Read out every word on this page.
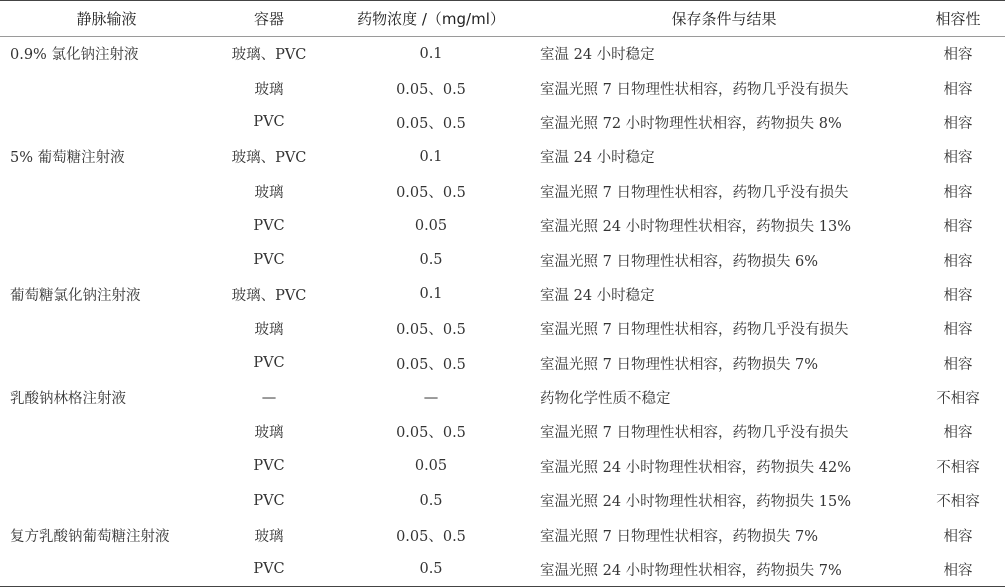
静脉输液	容器	药物浓度 /（mg/ml）	保存条件与结果	相容性
0.9% 氯化钠注射液	玻璃、PVC	0.1	室温 24 小时稳定	相容
	玻璃	0.05、0.5	室温光照 7 日物理性状相容，药物几乎没有损失	相容
	PVC	0.05、0.5	室温光照 72 小时物理性状相容，药物损失 8%	相容
5% 葡萄糖注射液	玻璃、PVC	0.1	室温 24 小时稳定	相容
	玻璃	0.05、0.5	室温光照 7 日物理性状相容，药物几乎没有损失	相容
	PVC	0.05	室温光照 24 小时物理性状相容，药物损失 13%	相容
	PVC	0.5	室温光照 7 日物理性状相容，药物损失 6%	相容
葡萄糖氯化钠注射液	玻璃、PVC	0.1	室温 24 小时稳定	相容
	玻璃	0.05、0.5	室温光照 7 日物理性状相容，药物几乎没有损失	相容
	PVC	0.05、0.5	室温光照 7 日物理性状相容，药物损失 7%	相容
乳酸钠林格注射液	—	—	药物化学性质不稳定	不相容
	玻璃	0.05、0.5	室温光照 7 日物理性状相容，药物几乎没有损失	相容
	PVC	0.05	室温光照 24 小时物理性状相容，药物损失 42%	不相容
	PVC	0.5	室温光照 24 小时物理性状相容，药物损失 15%	不相容
复方乳酸钠葡萄糖注射液	玻璃	0.05、0.5	室温光照 7 日物理性状相容，药物损失 7%	相容
	PVC	0.5	室温光照 24 小时物理性状相容，药物损失 7%	相容
